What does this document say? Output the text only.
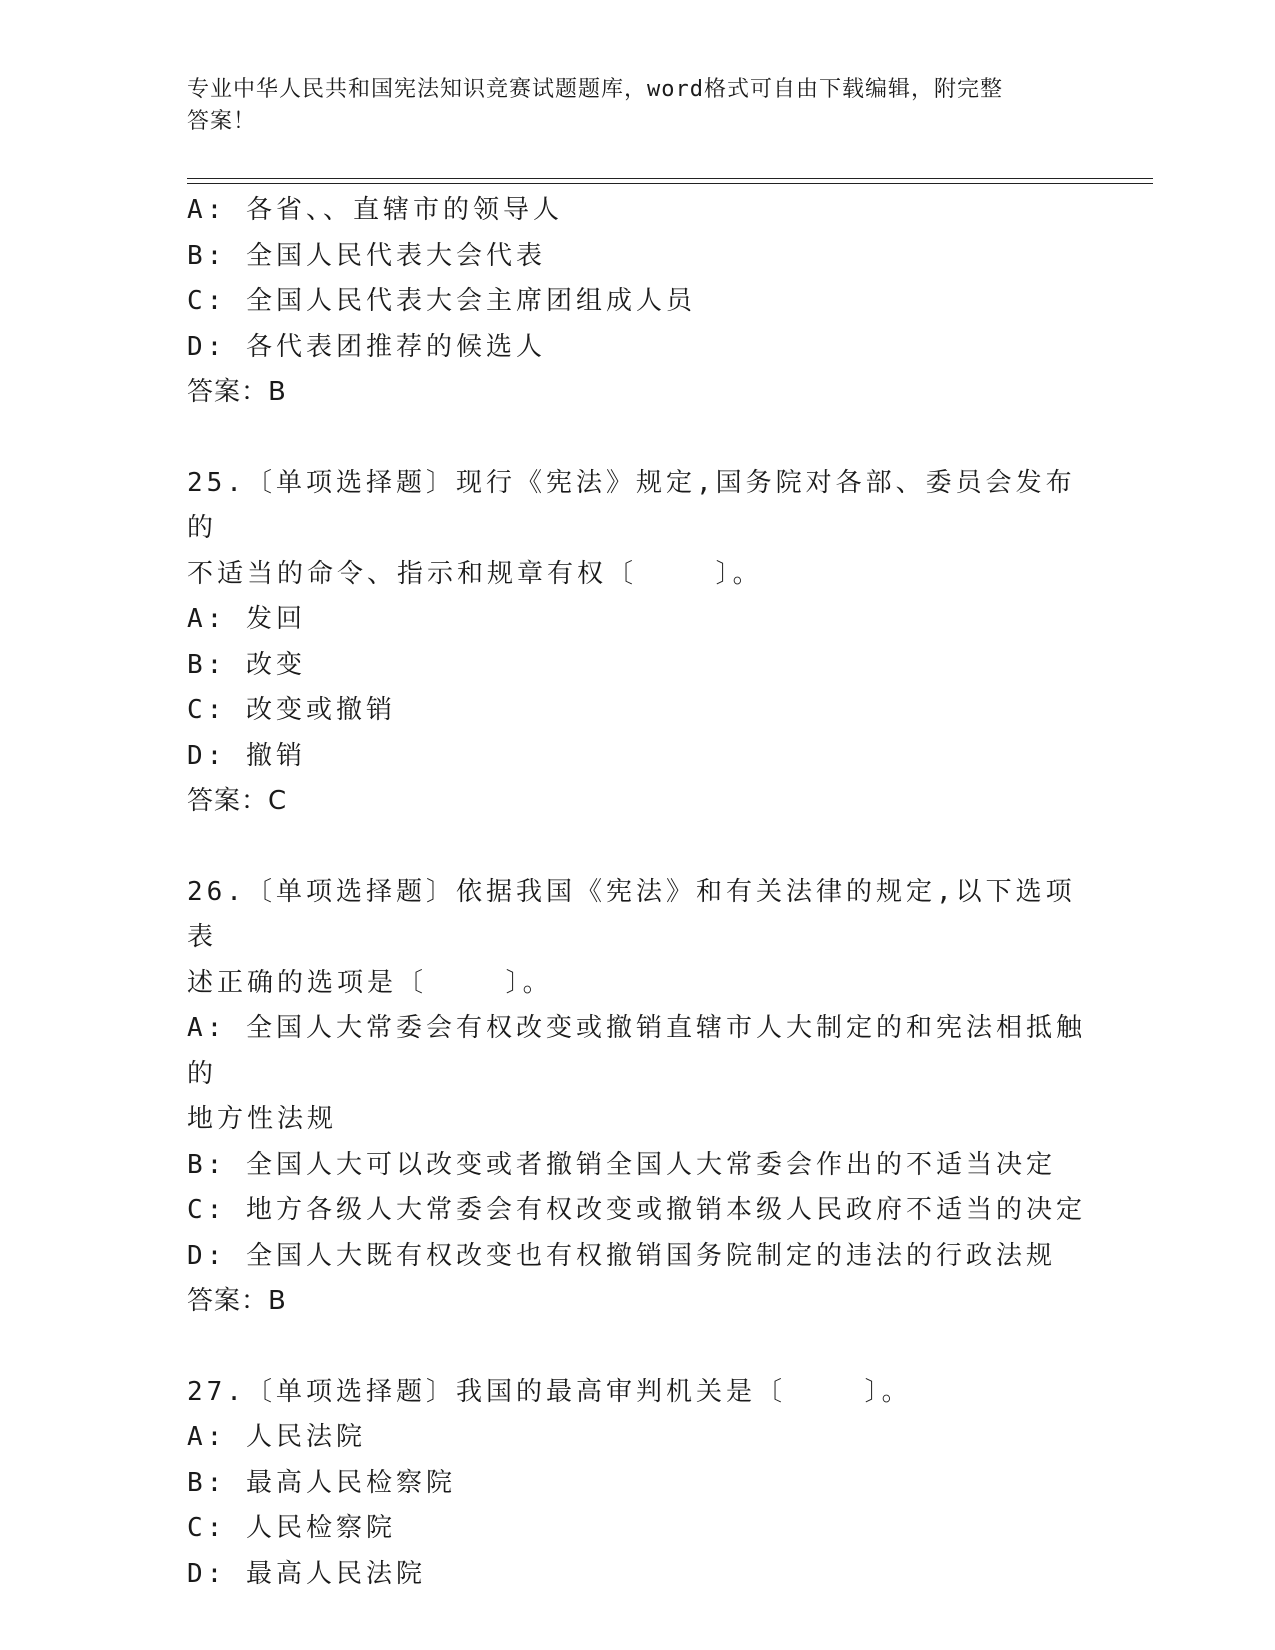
专业中华人民共和国宪法知识竞赛试题题库，word格式可自由下载编辑，附完整
答案！
A: 各省、、直辖市的领导人
B: 全国人民代表大会代表
C: 全国人民代表大会主席团组成人员
D: 各代表团推荐的候选人
答案：B
25.〔单项选择题〕现行《宪法》规定,国务院对各部、委员会发布的
不适当的命令、指示和规章有权〔    〕。
A: 发回
B: 改变
C: 改变或撤销
D: 撤销
答案：C
26.〔单项选择题〕依据我国《宪法》和有关法律的规定,以下选项表
述正确的选项是〔    〕。
A: 全国人大常委会有权改变或撤销直辖市人大制定的和宪法相抵触的
地方性法规
B: 全国人大可以改变或者撤销全国人大常委会作出的不适当决定
C: 地方各级人大常委会有权改变或撤销本级人民政府不适当的决定
D: 全国人大既有权改变也有权撤销国务院制定的违法的行政法规
答案：B
27.〔单项选择题〕我国的最高审判机关是〔    〕。
A: 人民法院
B: 最高人民检察院
C: 人民检察院
D: 最高人民法院
